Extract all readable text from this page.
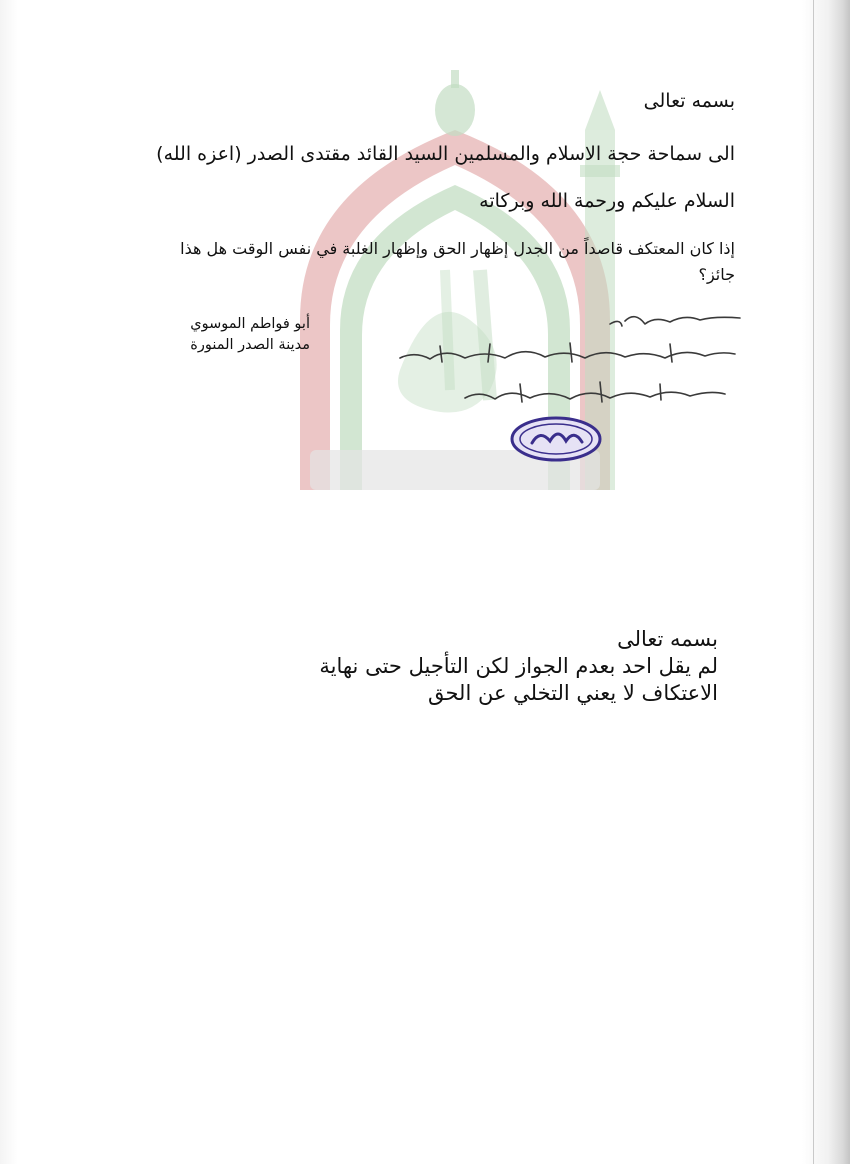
بسمه تعالى
الى سماحة حجة الاسلام والمسلمين السيد القائد مقتدى الصدر (اعزه الله)
السلام عليكم ورحمة الله وبركاته
إذا كان المعتكف قاصداً من الجدل إظهار الحق وإظهار الغلبة في نفس الوقت هل هذا جائز؟
أبو فواطم الموسوي
مدينة الصدر المنورة
بسمه تعالى
لم يقل احد بعدم الجواز لكن التأجيل حتى نهاية
الاعتكاف لا يعني التخلي عن الحق
